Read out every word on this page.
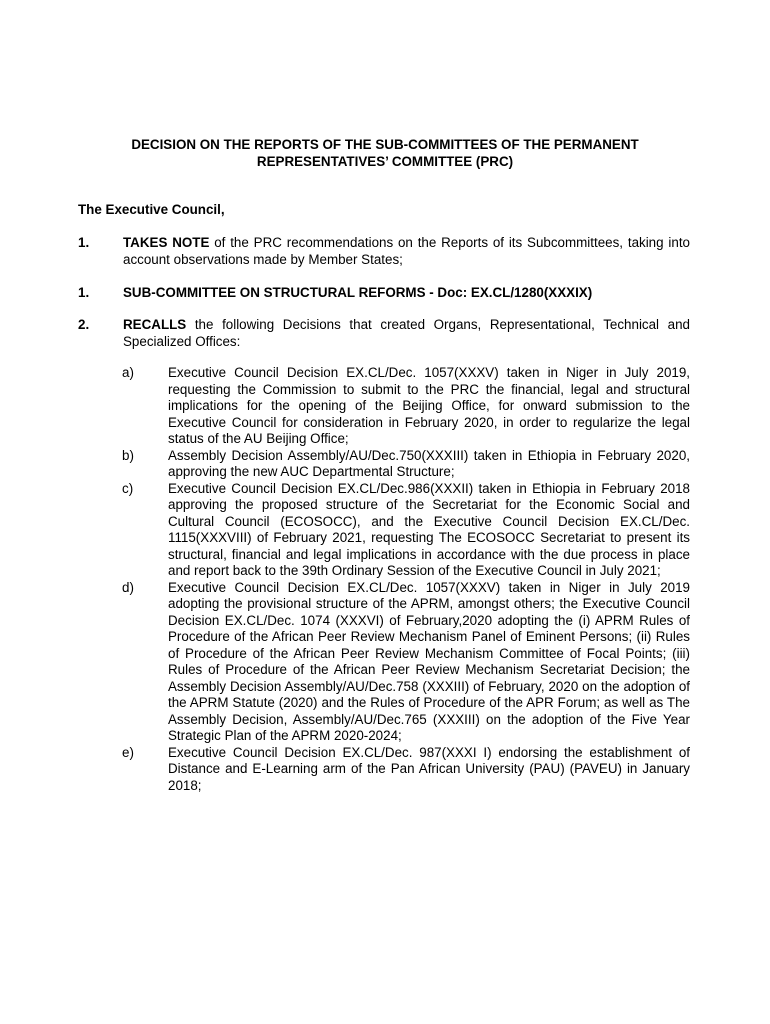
DECISION ON THE REPORTS OF THE SUB-COMMITTEES OF THE PERMANENT
REPRESENTATIVES’ COMMITTEE (PRC)
The Executive Council,
1.	TAKES NOTE of the PRC recommendations on the Reports of its Subcommittees, taking into account observations made by Member States;
1.	SUB-COMMITTEE ON STRUCTURAL REFORMS - Doc: EX.CL/1280(XXXIX)
2.	RECALLS the following Decisions that created Organs, Representational, Technical and Specialized Offices:
a)	Executive Council Decision EX.CL/Dec. 1057(XXXV) taken in Niger in July 2019, requesting the Commission to submit to the PRC the financial, legal and structural implications for the opening of the Beijing Office, for onward submission to the Executive Council for consideration in February 2020, in order to regularize the legal status of the AU Beijing Office;
b)	Assembly Decision Assembly/AU/Dec.750(XXXIII) taken in Ethiopia in February 2020, approving the new AUC Departmental Structure;
c)	Executive Council Decision EX.CL/Dec.986(XXXII) taken in Ethiopia in February 2018 approving the proposed structure of the Secretariat for the Economic Social and Cultural Council (ECOSOCC), and the Executive Council Decision EX.CL/Dec. 1115(XXXVIII) of February 2021, requesting The ECOSOCC Secretariat to present its structural, financial and legal implications in accordance with the due process in place and report back to the 39th Ordinary Session of the Executive Council in July 2021;
d)	Executive Council Decision EX.CL/Dec. 1057(XXXV) taken in Niger in July 2019 adopting the provisional structure of the APRM, amongst others; the Executive Council Decision EX.CL/Dec. 1074 (XXXVI) of February,2020 adopting the (i) APRM Rules of Procedure of the African Peer Review Mechanism Panel of Eminent Persons; (ii) Rules of Procedure of the African Peer Review Mechanism Committee of Focal Points; (iii) Rules of Procedure of the African Peer Review Mechanism Secretariat Decision; the Assembly Decision Assembly/AU/Dec.758 (XXXIII) of February, 2020 on the adoption of the APRM Statute (2020) and the Rules of Procedure of the APR Forum; as well as The Assembly Decision, Assembly/AU/Dec.765 (XXXIII) on the adoption of the Five Year Strategic Plan of the APRM 2020-2024;
e)	Executive Council Decision EX.CL/Dec. 987(XXXI I) endorsing the establishment of Distance and E-Learning arm of the Pan African University (PAU) (PAVEU) in January 2018;
